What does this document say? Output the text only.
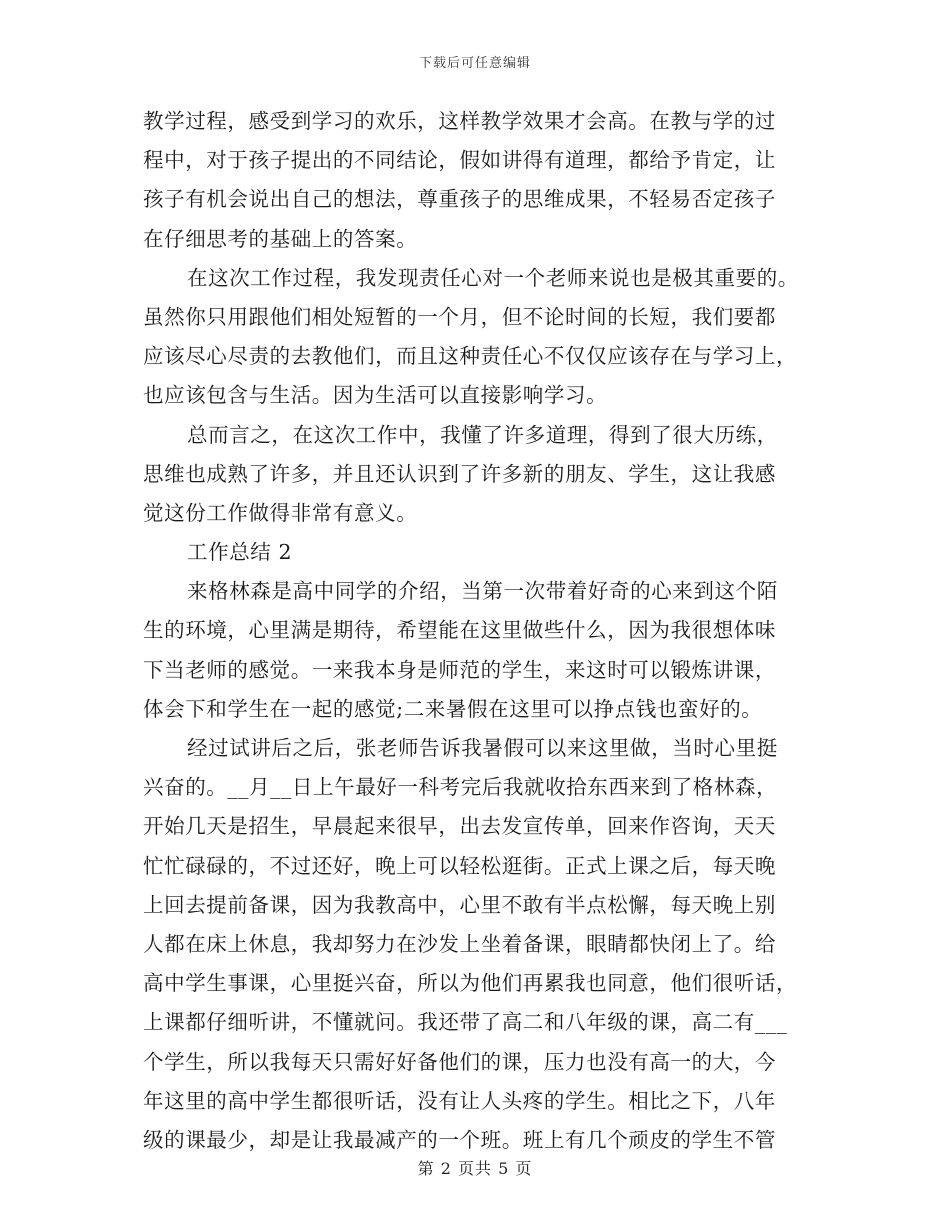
下载后可任意编辑
教学过程，感受到学习的欢乐，这样教学效果才会高。在教与学的过
程中，对于孩子提出的不同结论，假如讲得有道理，都给予肯定，让
孩子有机会说出自己的想法，尊重孩子的思维成果，不轻易否定孩子
在仔细思考的基础上的答案。
在这次工作过程，我发现责任心对一个老师来说也是极其重要的。
虽然你只用跟他们相处短暂的一个月，但不论时间的长短，我们要都
应该尽心尽责的去教他们，而且这种责任心不仅仅应该存在与学习上，
也应该包含与生活。因为生活可以直接影响学习。
总而言之，在这次工作中，我懂了许多道理，得到了很大历练，
思维也成熟了许多，并且还认识到了许多新的朋友、学生，这让我感
觉这份工作做得非常有意义。
工作总结 2
来格林森是高中同学的介绍，当第一次带着好奇的心来到这个陌
生的环境，心里满是期待，希望能在这里做些什么，因为我很想体味
下当老师的感觉。一来我本身是师范的学生，来这时可以锻炼讲课，
体会下和学生在一起的感觉;二来暑假在这里可以挣点钱也蛮好的。
经过试讲后之后，张老师告诉我暑假可以来这里做，当时心里挺
兴奋的。__月__日上午最好一科考完后我就收拾东西来到了格林森，
开始几天是招生，早晨起来很早，出去发宣传单，回来作咨询，天天
忙忙碌碌的，不过还好，晚上可以轻松逛街。正式上课之后，每天晚
上回去提前备课，因为我教高中，心里不敢有半点松懈，每天晚上别
人都在床上休息，我却努力在沙发上坐着备课，眼睛都快闭上了。给
高中学生事课，心里挺兴奋，所以为他们再累我也同意，他们很听话，
上课都仔细听讲，不懂就问。我还带了高二和八年级的课，高二有___
个学生，所以我每天只需好好备他们的课，压力也没有高一的大，今
年这里的高中学生都很听话，没有让人头疼的学生。相比之下，八年
级的课最少，却是让我最减产的一个班。班上有几个顽皮的学生不管
第 2 页共 5 页
